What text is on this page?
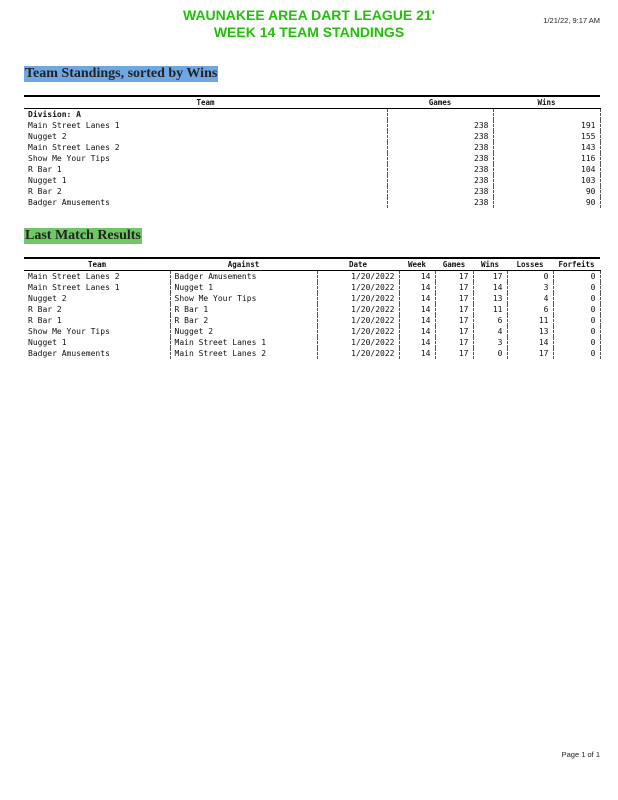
WAUNAKEE AREA DART LEAGUE 21'
WEEK 14 TEAM STANDINGS
1/21/22, 9:17 AM
Team Standings, sorted by Wins
Team	Games	Wins
Division: A		
Main Street Lanes 1	238	191
Nugget 2	238	155
Main Street Lanes 2	238	143
Show Me Your Tips	238	116
R Bar 1	238	104
Nugget 1	238	103
R Bar 2	238	90
Badger Amusements	238	90
Last Match Results
Team	Against	Date	Week	Games	Wins	Losses	Forfeits
Main Street Lanes 2	Badger Amusements	1/20/2022	14	17	17	0	0
Main Street Lanes 1	Nugget 1	1/20/2022	14	17	14	3	0
Nugget 2	Show Me Your Tips	1/20/2022	14	17	13	4	0
R Bar 2	R Bar 1	1/20/2022	14	17	11	6	0
R Bar 1	R Bar 2	1/20/2022	14	17	6	11	0
Show Me Your Tips	Nugget 2	1/20/2022	14	17	4	13	0
Nugget 1	Main Street Lanes 1	1/20/2022	14	17	3	14	0
Badger Amusements	Main Street Lanes 2	1/20/2022	14	17	0	17	0
Page 1 of 1
